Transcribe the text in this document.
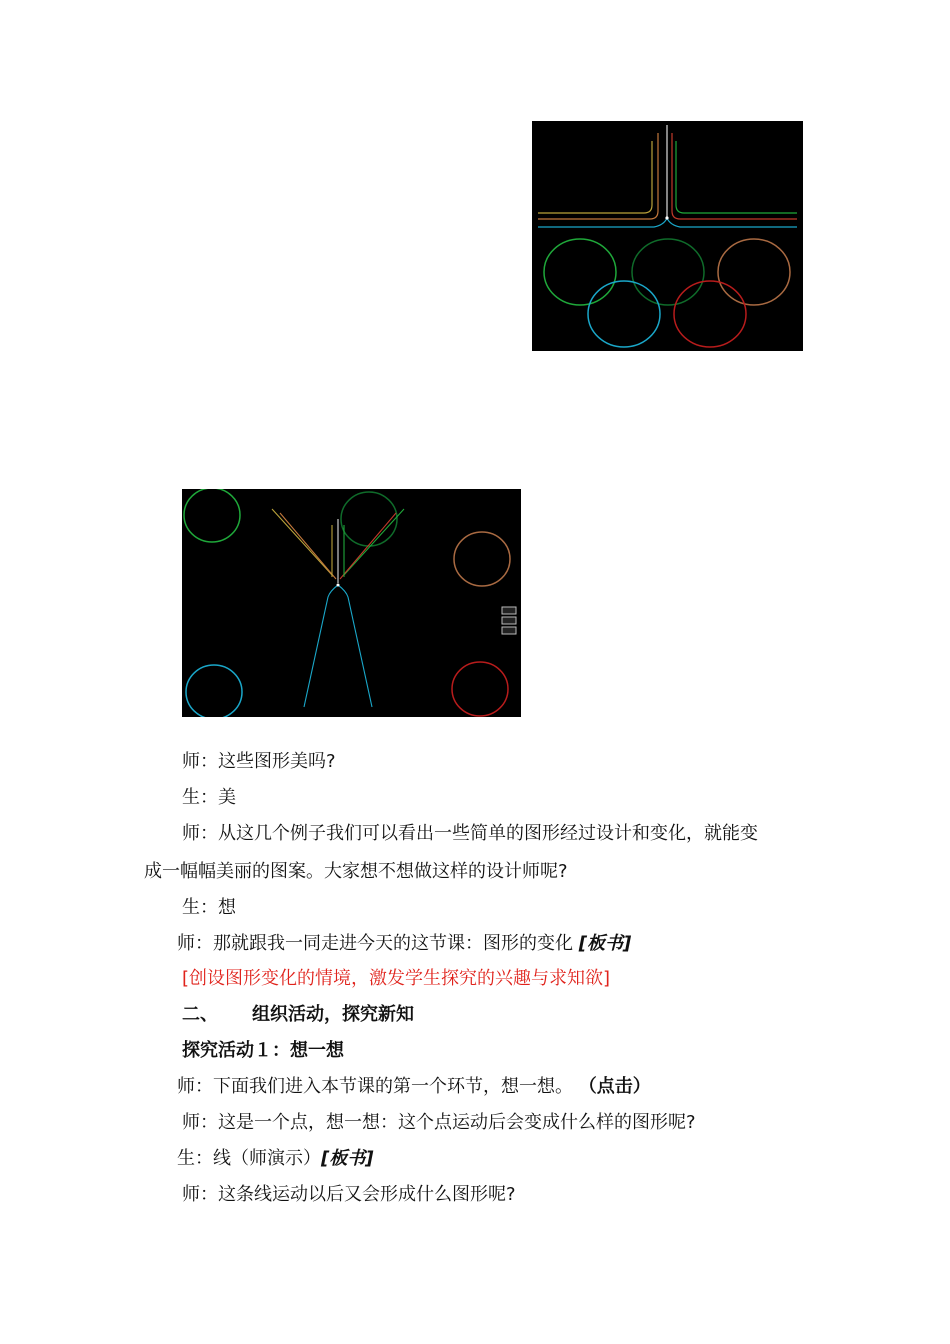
师：这些图形美吗?
生：美
师：从这几个例子我们可以看出一些简单的图形经过设计和变化，就能变
成一幅幅美丽的图案。大家想不想做这样的设计师呢?
生：想
师：那就跟我一同走进今天的这节课：图形的变化 [板书]
[创设图形变化的情境，激发学生探究的兴趣与求知欲]
二、 组织活动，探究新知
探究活动１：想一想
师：下面我们进入本节课的第一个环节，想一想。 （点击）
师：这是一个点，想一想：这个点运动后会变成什么样的图形呢?
生：线（师演示）[板书]
师：这条线运动以后又会形成什么图形呢?
